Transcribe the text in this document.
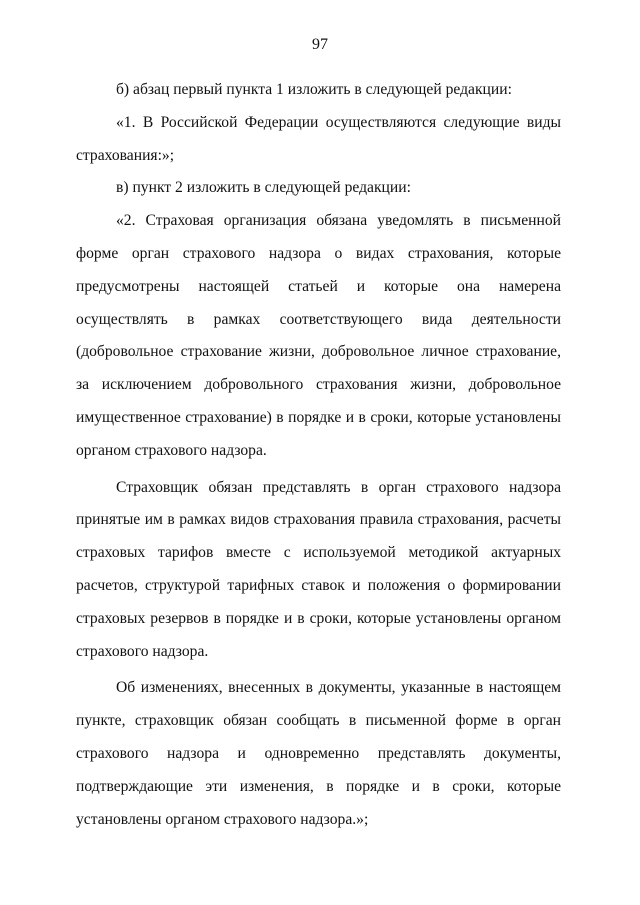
97

б) абзац первый пункта 1 изложить в следующей редакции:

«1. В Российской Федерации осуществляются следующие виды страхования:»;

в) пункт 2 изложить в следующей редакции:

«2. Страховая организация обязана уведомлять в письменной форме орган страхового надзора о видах страхования, которые предусмотрены настоящей статьей и которые она намерена осуществлять в рамках соответствующего вида деятельности (добровольное страхование жизни, добровольное личное страхование, за исключением добровольного страхования жизни, добровольное имущественное страхование) в порядке и в сроки, которые установлены органом страхового надзора.

Страховщик обязан представлять в орган страхового надзора принятые им в рамках видов страхования правила страхования, расчеты страховых тарифов вместе с используемой методикой актуарных расчетов, структурой тарифных ставок и положения о формировании страховых резервов в порядке и в сроки, которые установлены органом страхового надзора.

Об изменениях, внесенных в документы, указанные в настоящем пункте, страховщик обязан сообщать в письменной форме в орган страхового надзора и одновременно представлять документы, подтверждающие эти изменения, в порядке и в сроки, которые установлены органом страхового надзора.»;
